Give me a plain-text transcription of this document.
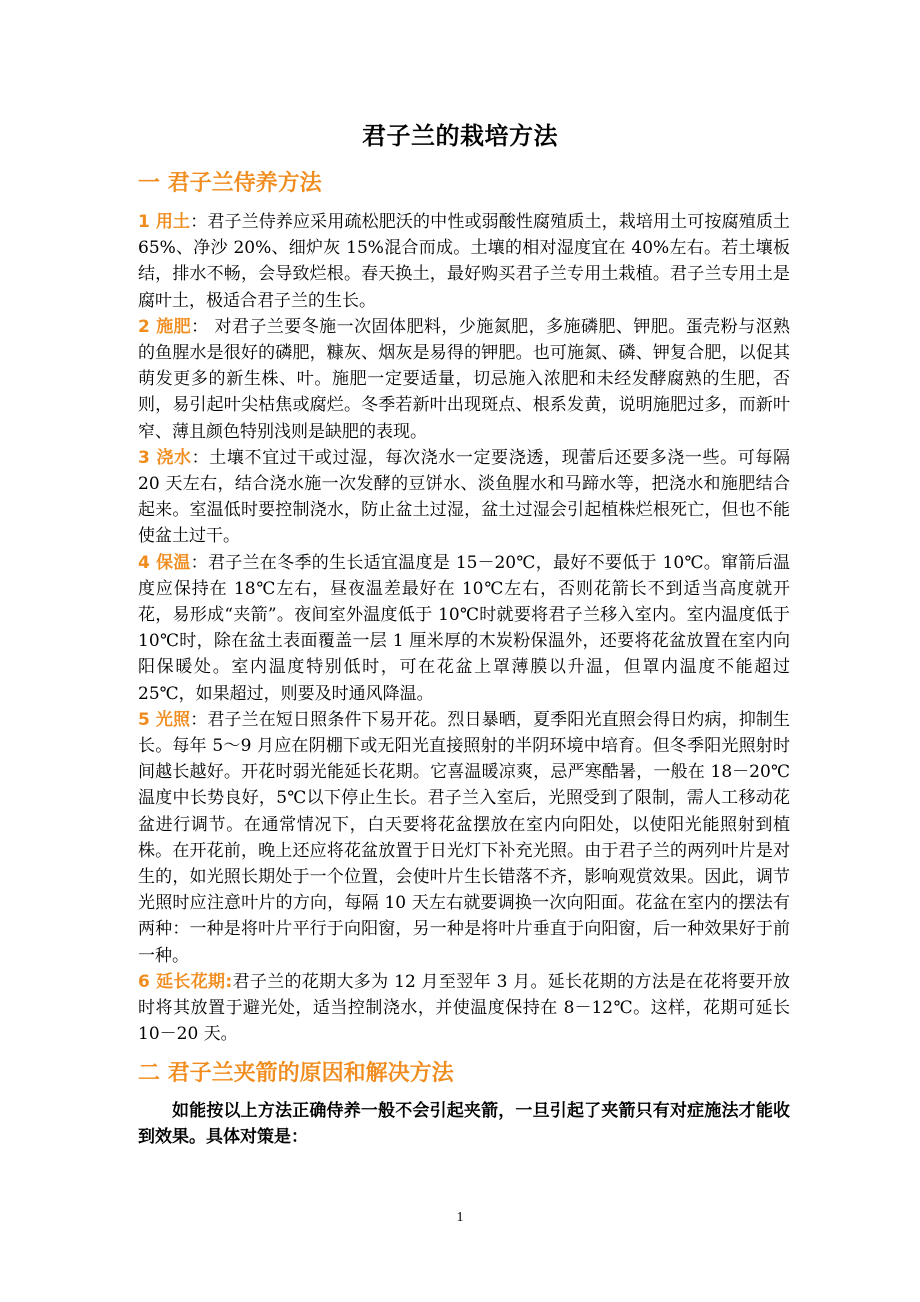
君子兰的栽培方法
一 君子兰侍养方法

1 用土：君子兰侍养应采用疏松肥沃的中性或弱酸性腐殖质土，栽培用土可按腐殖质土 65%、净沙 20%、细炉灰 15%混合而成。土壤的相对湿度宜在 40%左右。若土壤板结，排水不畅，会导致烂根。春天换土，最好购买君子兰专用土栽植。君子兰专用土是腐叶土，极适合君子兰的生长。

2 施肥： 对君子兰要冬施一次固体肥料，少施氮肥，多施磷肥、钾肥。蛋壳粉与沤熟的鱼腥水是很好的磷肥，糠灰、烟灰是易得的钾肥。也可施氮、磷、钾复合肥，以促其萌发更多的新生株、叶。施肥一定要适量，切忌施入浓肥和未经发酵腐熟的生肥，否则，易引起叶尖枯焦或腐烂。冬季若新叶出现斑点、根系发黄，说明施肥过多，而新叶窄、薄且颜色特别浅则是缺肥的表现。

3 浇水：土壤不宜过干或过湿，每次浇水一定要浇透，现蕾后还要多浇一些。可每隔 20 天左右，结合浇水施一次发酵的豆饼水、淡鱼腥水和马蹄水等，把浇水和施肥结合起来。室温低时要控制浇水，防止盆土过湿，盆土过湿会引起植株烂根死亡，但也不能使盆土过干。

4 保温：君子兰在冬季的生长适宜温度是 15－20℃，最好不要低于 10℃。窜箭后温度应保持在 18℃左右，昼夜温差最好在 10℃左右，否则花箭长不到适当高度就开花，易形成“夹箭”。夜间室外温度低于 10℃时就要将君子兰移入室内。室内温度低于 10℃时，除在盆土表面覆盖一层 1 厘米厚的木炭粉保温外，还要将花盆放置在室内向阳保暖处。室内温度特别低时，可在花盆上罩薄膜以升温，但罩内温度不能超过 25℃，如果超过，则要及时通风降温。

5 光照：君子兰在短日照条件下易开花。烈日暴晒，夏季阳光直照会得日灼病，抑制生长。每年 5～9 月应在阴棚下或无阳光直接照射的半阴环境中培育。但冬季阳光照射时间越长越好。开花时弱光能延长花期。它喜温暖凉爽，忌严寒酷暑，一般在 18－20℃温度中长势良好，5℃以下停止生长。君子兰入室后，光照受到了限制，需人工移动花盆进行调节。在通常情况下，白天要将花盆摆放在室内向阳处，以使阳光能照射到植株。在开花前，晚上还应将花盆放置于日光灯下补充光照。由于君子兰的两列叶片是对生的，如光照长期处于一个位置，会使叶片生长错落不齐，影响观赏效果。因此，调节光照时应注意叶片的方向，每隔 10 天左右就要调换一次向阳面。花盆在室内的摆法有两种：一种是将叶片平行于向阳窗，另一种是将叶片垂直于向阳窗，后一种效果好于前一种。

6 延长花期:君子兰的花期大多为 12 月至翌年 3 月。延长花期的方法是在花将要开放时将其放置于避光处，适当控制浇水，并使温度保持在 8－12℃。这样，花期可延长 10－20 天。

二 君子兰夹箭的原因和解决方法

如能按以上方法正确侍养一般不会引起夹箭，一旦引起了夹箭只有对症施法才能收到效果。具体对策是：

1
